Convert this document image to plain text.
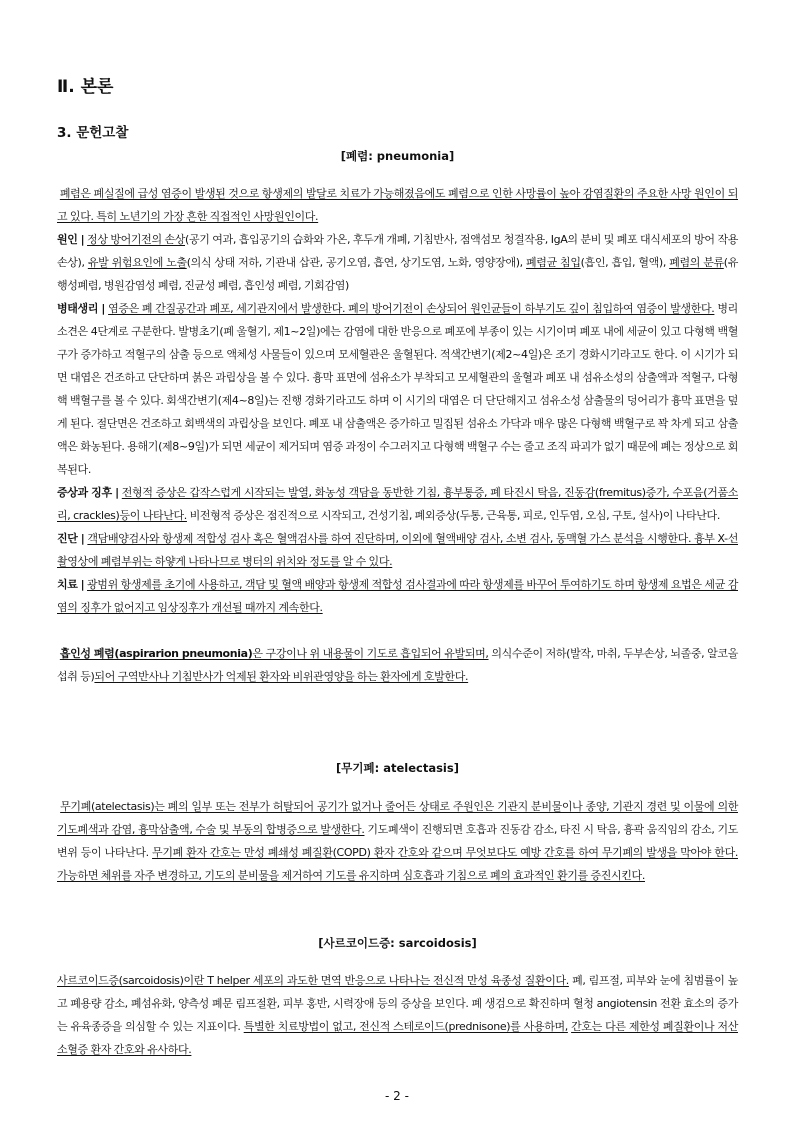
Ⅱ. 본론
3. 문헌고찰

[폐렴: pneumonia]

폐렴은 폐실질에 급성 염증이 발생된 것으로 항생제의 발달로 치료가 가능해졌음에도 폐렴으로 인한 사망률이 높아 감염질환의 주요한 사망 원인이 되고 있다. 특히 노년기의 가장 흔한 직접적인 사망원인이다.

원인 | 정상 방어기전의 손상(공기 여과, 흡입공기의 습화와 가온, 후두개 개폐, 기침반사, 점액섬모 청결작용, IgA의 분비 및 폐포 대식세포의 방어 작용 손상), 유발 위험요인에 노출(의식 상태 저하, 기관내 삽관, 공기오염, 흡연, 상기도염, 노화, 영양장애), 폐렴균 침입(흡인, 흡입, 혈액), 폐렴의 분류(유행성폐렴, 병원감염성 폐렴, 진균성 폐렴, 흡인성 폐렴, 기회감염)

병태생리 | 염증은 폐 간질공간과 폐포, 세기관지에서 발생한다. 폐의 방어기전이 손상되어 원인균들이 하부기도 깊이 침입하여 염증이 발생한다. 병리소견은 4단계로 구분한다. 발병초기(폐 울혈기, 제1~2일)에는 감염에 대한 반응으로 폐포에 부종이 있는 시기이며 폐포 내에 세균이 있고 다형핵 백혈구가 증가하고 적혈구의 삼출 등으로 액체성 사물들이 있으며 모세혈관은 울혈된다. 적색간변기(제2~4일)은 조기 경화시기라고도 한다. 이 시기가 되면 대엽은 건조하고 단단하며 붉은 과립상을 볼 수 있다. 흉막 표면에 섬유소가 부착되고 모세혈관의 울혈과 폐포 내 섬유소성의 삼출액과 적혈구, 다형핵 백혈구를 볼 수 있다. 회색간변기(제4~8일)는 진행 경화기라고도 하며 이 시기의 대엽은 더 단단해지고 섬유소성 삼출물의 덩어리가 흉막 표면을 덮게 된다. 절단면은 건조하고 회백색의 과립상을 보인다. 폐포 내 삼출액은 증가하고 밀집된 섬유소 가닥과 매우 많은 다형핵 백혈구로 꽉 차게 되고 삼출액은 화농된다. 용해기(제8~9일)가 되면 세균이 제거되며 염증 과정이 수그러지고 다형핵 백혈구 수는 줄고 조직 파괴가 없기 때문에 폐는 정상으로 회복된다.

증상과 징후 | 전형적 증상은 갑작스럽게 시작되는 발열, 화농성 객담을 동반한 기침, 흉부통증, 폐 타진시 탁음, 진동감(fremitus)증가, 수포음(거품소리, crackles)등이 나타난다. 비전형적 증상은 점진적으로 시작되고, 건성기침, 폐외증상(두통, 근육통, 피로, 인두염, 오심, 구토, 설사)이 나타난다.

진단 | 객담배양검사와 항생제 적합성 검사 혹은 혈액검사를 하여 진단하며, 이외에 혈액배양 검사, 소변 검사, 동맥혈 가스 분석을 시행한다. 흉부 X-선 촬영상에 폐렴부위는 하얗게 나타나므로 병터의 위치와 정도를 알 수 있다.

치료 | 광범위 항생제를 초기에 사용하고, 객담 및 혈액 배양과 항생제 적합성 검사결과에 따라 항생제를 바꾸어 투여하기도 하며 항생제 요법은 세균 감염의 징후가 없어지고 임상징후가 개선될 때까지 계속한다.

흡인성 폐렴(aspirarion pneumonia)은 구강이나 위 내용물이 기도로 흡입되어 유발되며, 의식수준이 저하(발작, 마취, 두부손상, 뇌졸중, 알코올 섭취 등)되어 구역반사나 기침반사가 억제된 환자와 비위관영양을 하는 환자에게 호발한다.

[무기폐: atelectasis]

무기폐(atelectasis)는 폐의 일부 또는 전부가 허탈되어 공기가 없거나 줄어든 상태로 주원인은 기관지 분비물이나 종양, 기관지 경련 및 이물에 의한 기도폐색과 감염, 흉막삼출액, 수술 및 부동의 합병증으로 발생한다. 기도폐색이 진행되면 호흡과 진동감 감소, 타진 시 탁음, 흉곽 움직임의 감소, 기도 변위 등이 나타난다. 무기폐 환자 간호는 만성 폐쇄성 폐질환(COPD) 환자 간호와 같으며 무엇보다도 예방 간호를 하여 무기폐의 발생을 막아야 한다. 가능하면 체위를 자주 변경하고, 기도의 분비물을 제거하여 기도를 유지하며 심호흡과 기침으로 폐의 효과적인 환기를 증진시킨다.

[사르코이드증: sarcoidosis]

사르코이드증(sarcoidosis)이란 T helper 세포의 과도한 면역 반응으로 나타나는 전신적 만성 육종성 질환이다. 폐, 림프절, 피부와 눈에 침범률이 높고 폐용량 감소, 폐섬유화, 양측성 폐문 림프절환, 피부 홍반, 시력장애 등의 증상을 보인다. 폐 생검으로 확진하며 혈청 angiotensin 전환 효소의 증가는 유육종증을 의심할 수 있는 지표이다. 특별한 치료방법이 없고, 전신적 스테로이드(prednisone)를 사용하며, 간호는 다른 제한성 폐질환이나 저산소혈증 환자 간호와 유사하다.

- 2 -
